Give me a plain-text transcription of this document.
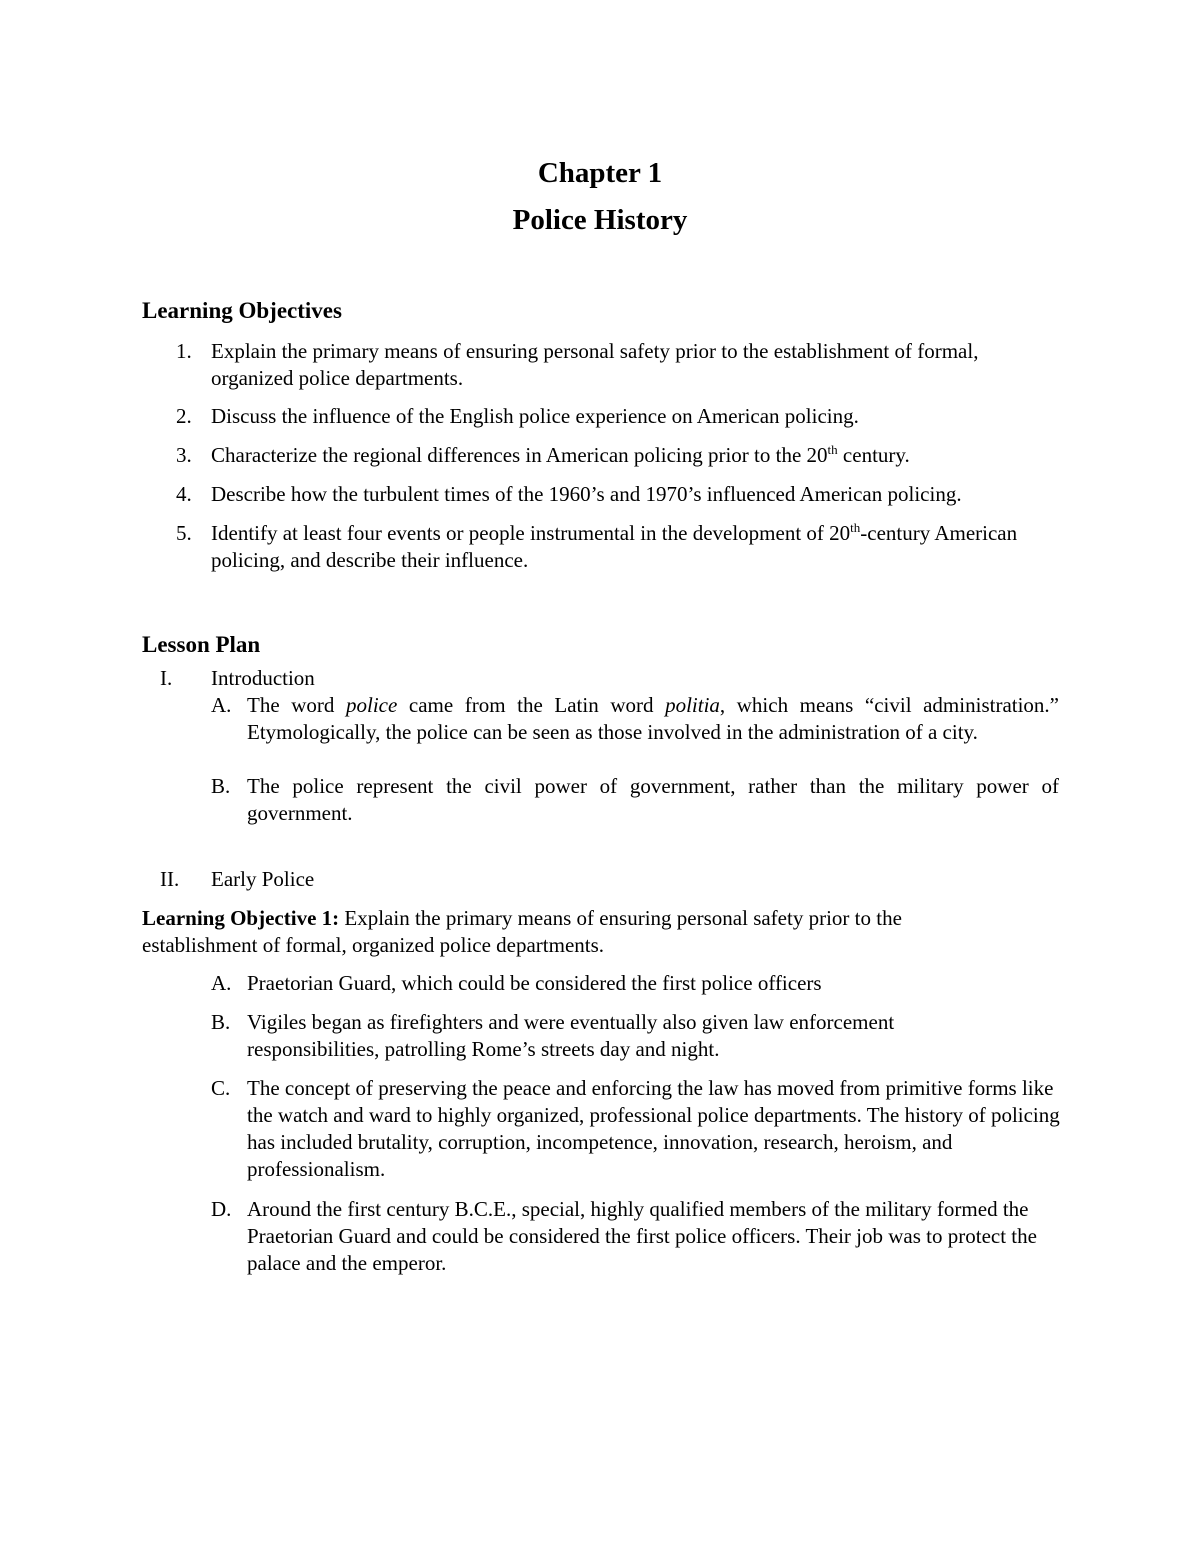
Chapter 1
Police History
Learning Objectives
1. Explain the primary means of ensuring personal safety prior to the establishment of formal, organized police departments.
2. Discuss the influence of the English police experience on American policing.
3. Characterize the regional differences in American policing prior to the 20th century.
4. Describe how the turbulent times of the 1960’s and 1970’s influenced American policing.
5. Identify at least four events or people instrumental in the development of 20th-century American policing, and describe their influence.
Lesson Plan
I. Introduction
A. The word police came from the Latin word politia, which means “civil administration.” Etymologically, the police can be seen as those involved in the administration of a city.
B. The police represent the civil power of government, rather than the military power of government.
II. Early Police
Learning Objective 1: Explain the primary means of ensuring personal safety prior to the establishment of formal, organized police departments.
A. Praetorian Guard, which could be considered the first police officers
B. Vigiles began as firefighters and were eventually also given law enforcement responsibilities, patrolling Rome’s streets day and night.
C. The concept of preserving the peace and enforcing the law has moved from primitive forms like the watch and ward to highly organized, professional police departments. The history of policing has included brutality, corruption, incompetence, innovation, research, heroism, and professionalism.
D. Around the first century B.C.E., special, highly qualified members of the military formed the Praetorian Guard and could be considered the first police officers. Their job was to protect the palace and the emperor.
